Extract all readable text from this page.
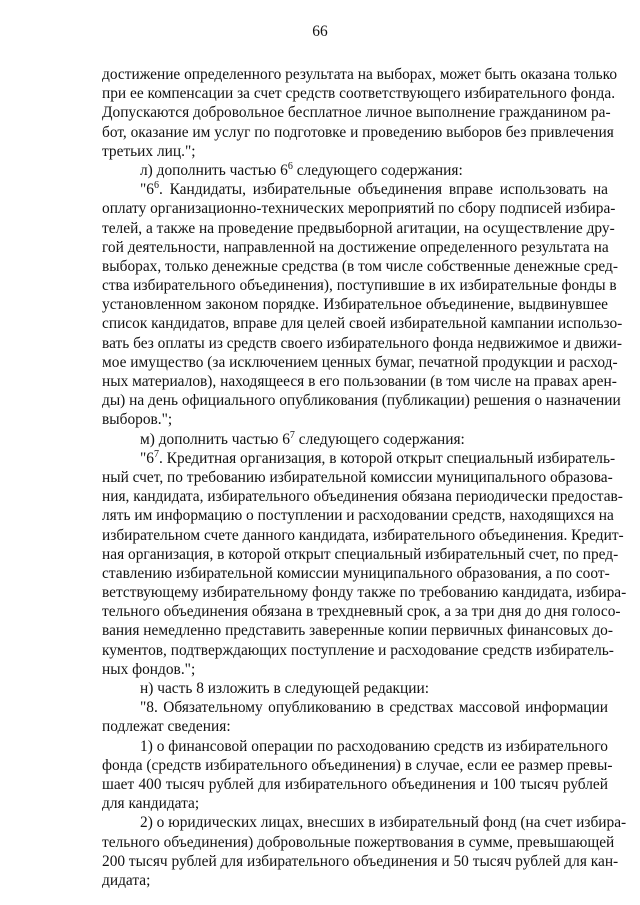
66
достижение определенного результата на выборах, может быть оказана только
при ее компенсации за счет средств соответствующего избирательного фонда.
Допускаются добровольное бесплатное личное выполнение гражданином ра-
бот, оказание им услуг по подготовке и проведению выборов без привлечения
третьих лиц.";
л) дополнить частью $6^6$ следующего содержания:
"$6^6$. Кандидаты, избирательные объединения вправе использовать на
оплату организационно-технических мероприятий по сбору подписей избира-
телей, а также на проведение предвыборной агитации, на осуществление дру-
гой деятельности, направленной на достижение определенного результата на
выборах, только денежные средства (в том числе собственные денежные сред-
ства избирательного объединения), поступившие в их избирательные фонды в
установленном законом порядке. Избирательное объединение, выдвинувшее
список кандидатов, вправе для целей своей избирательной кампании использо-
вать без оплаты из средств своего избирательного фонда недвижимое и движи-
мое имущество (за исключением ценных бумаг, печатной продукции и расход-
ных материалов), находящееся в его пользовании (в том числе на правах арен-
ды) на день официального опубликования (публикации) решения о назначении
выборов.";
м) дополнить частью $6^7$ следующего содержания:
"$6^7$. Кредитная организация, в которой открыт специальный избиратель-
ный счет, по требованию избирательной комиссии муниципального образова-
ния, кандидата, избирательного объединения обязана периодически предостав-
лять им информацию о поступлении и расходовании средств, находящихся на
избирательном счете данного кандидата, избирательного объединения. Кредит-
ная организация, в которой открыт специальный избирательный счет, по пред-
ставлению избирательной комиссии муниципального образования, а по соот-
ветствующему избирательному фонду также по требованию кандидата, избира-
тельного объединения обязана в трехдневный срок, а за три дня до дня голосо-
вания немедленно представить заверенные копии первичных финансовых до-
кументов, подтверждающих поступление и расходование средств избиратель-
ных фондов.";
н) часть 8 изложить в следующей редакции:
"8. Обязательному опубликованию в средствах массовой информации
подлежат сведения:
1) о финансовой операции по расходованию средств из избирательного
фонда (средств избирательного объединения) в случае, если ее размер превы-
шает 400 тысяч рублей для избирательного объединения и 100 тысяч рублей
для кандидата;
2) о юридических лицах, внесших в избирательный фонд (на счет избира-
тельного объединения) добровольные пожертвования в сумме, превышающей
200 тысяч рублей для избирательного объединения и 50 тысяч рублей для кан-
дидата;
